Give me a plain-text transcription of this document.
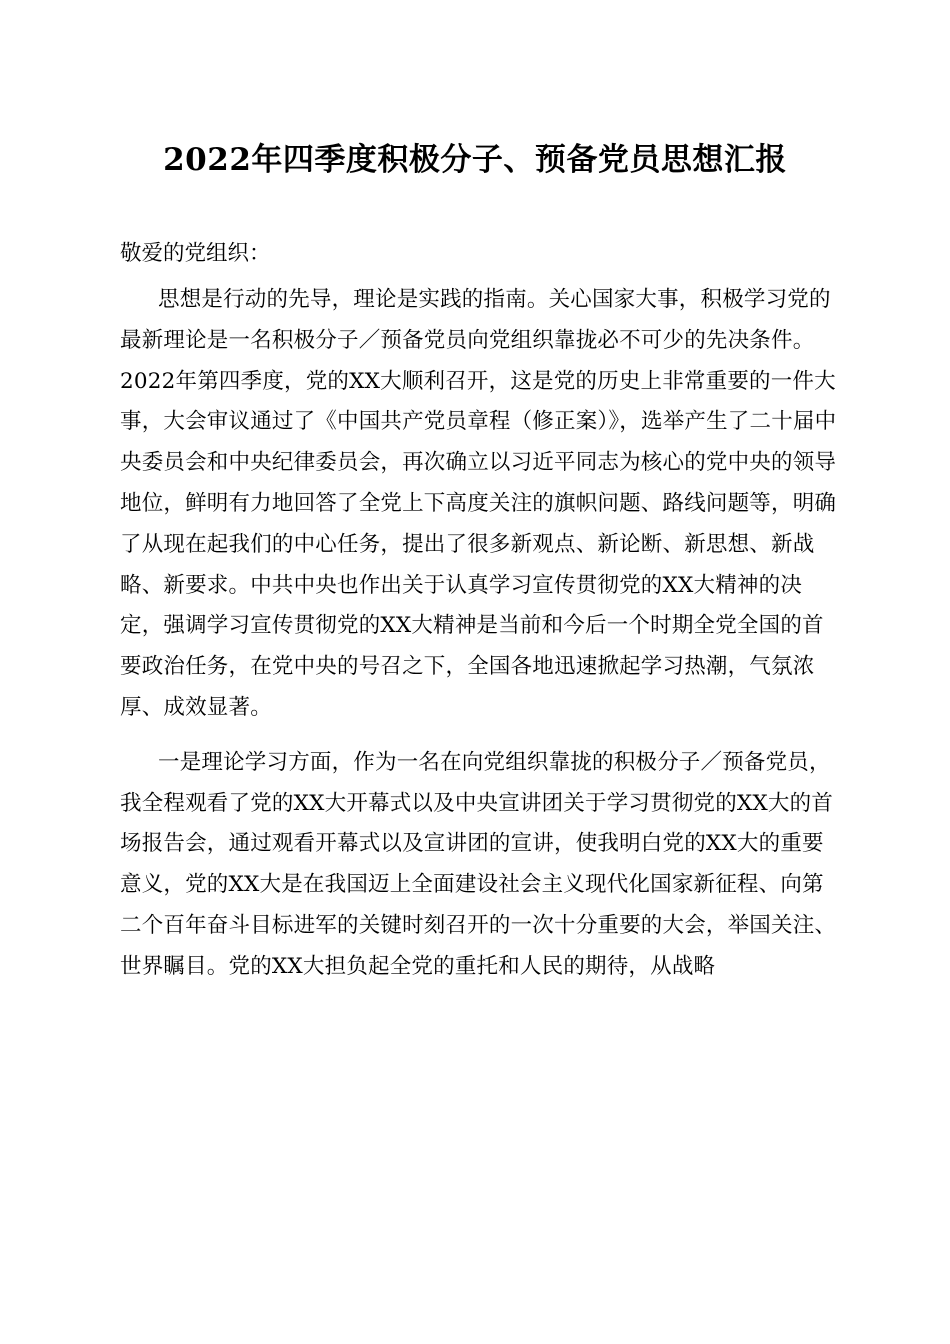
2022年四季度积极分子、预备党员思想汇报

敬爱的党组织：

思想是行动的先导，理论是实践的指南。关心国家大事，积极学习党的最新理论是一名积极分子／预备党员向党组织靠拢必不可少的先决条件。2022年第四季度，党的XX大顺利召开，这是党的历史上非常重要的一件大事，大会审议通过了《中国共产党员章程（修正案）》，选举产生了二十届中央委员会和中央纪律委员会，再次确立以习近平同志为核心的党中央的领导地位，鲜明有力地回答了全党上下高度关注的旗帜问题、路线问题等，明确了从现在起我们的中心任务，提出了很多新观点、新论断、新思想、新战略、新要求。中共中央也作出关于认真学习宣传贯彻党的XX大精神的决定，强调学习宣传贯彻党的XX大精神是当前和今后一个时期全党全国的首要政治任务，在党中央的号召之下，全国各地迅速掀起学习热潮，气氛浓厚、成效显著。

一是理论学习方面，作为一名在向党组织靠拢的积极分子／预备党员，我全程观看了党的XX大开幕式以及中央宣讲团关于学习贯彻党的XX大的首场报告会，通过观看开幕式以及宣讲团的宣讲，使我明白党的XX大的重要意义，党的XX大是在我国迈上全面建设社会主义现代化国家新征程、向第二个百年奋斗目标进军的关键时刻召开的一次十分重要的大会，举国关注、世界瞩目。党的XX大担负起全党的重托和人民的期待，从战略
